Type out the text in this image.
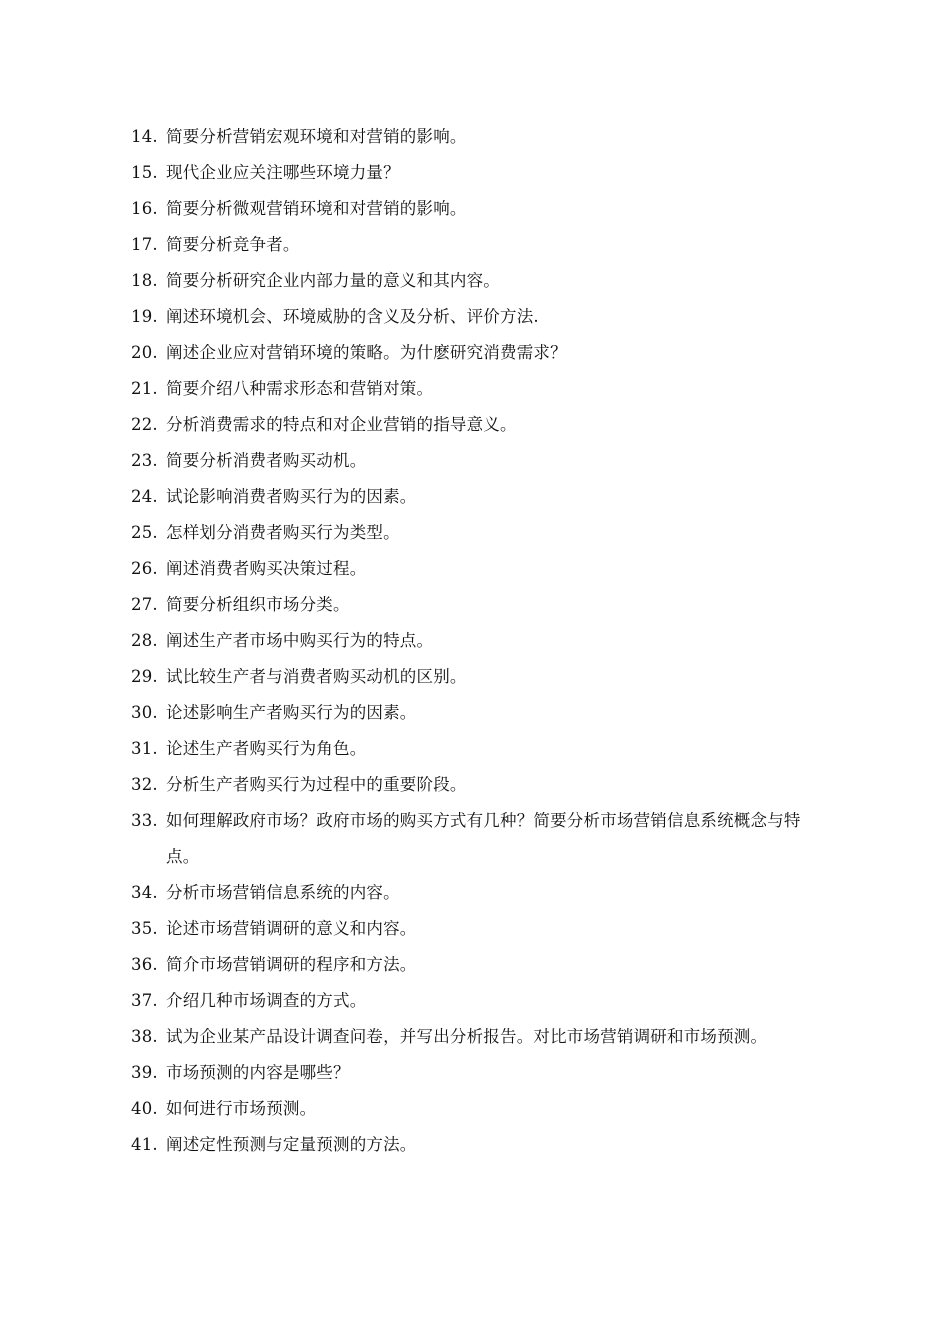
14. 简要分析营销宏观环境和对营销的影响。
15. 现代企业应关注哪些环境力量？
16. 简要分析微观营销环境和对营销的影响。
17. 简要分析竞争者。
18. 简要分析研究企业内部力量的意义和其内容。
19. 阐述环境机会、环境威胁的含义及分析、评价方法.
20. 阐述企业应对营销环境的策略。为什麽研究消费需求？
21. 简要介绍八种需求形态和营销对策。
22. 分析消费需求的特点和对企业营销的指导意义。
23. 简要分析消费者购买动机。
24. 试论影响消费者购买行为的因素。
25. 怎样划分消费者购买行为类型。
26. 阐述消费者购买决策过程。
27. 简要分析组织市场分类。
28. 阐述生产者市场中购买行为的特点。
29. 试比较生产者与消费者购买动机的区别。
30. 论述影响生产者购买行为的因素。
31. 论述生产者购买行为角色。
32. 分析生产者购买行为过程中的重要阶段。
33. 如何理解政府市场？政府市场的购买方式有几种？简要分析市场营销信息系统概念与特点。
34. 分析市场营销信息系统的内容。
35. 论述市场营销调研的意义和内容。
36. 简介市场营销调研的程序和方法。
37. 介绍几种市场调查的方式。
38. 试为企业某产品设计调查问卷，并写出分析报告。对比市场营销调研和市场预测。
39. 市场预测的内容是哪些？
40. 如何进行市场预测。
41. 阐述定性预测与定量预测的方法。
